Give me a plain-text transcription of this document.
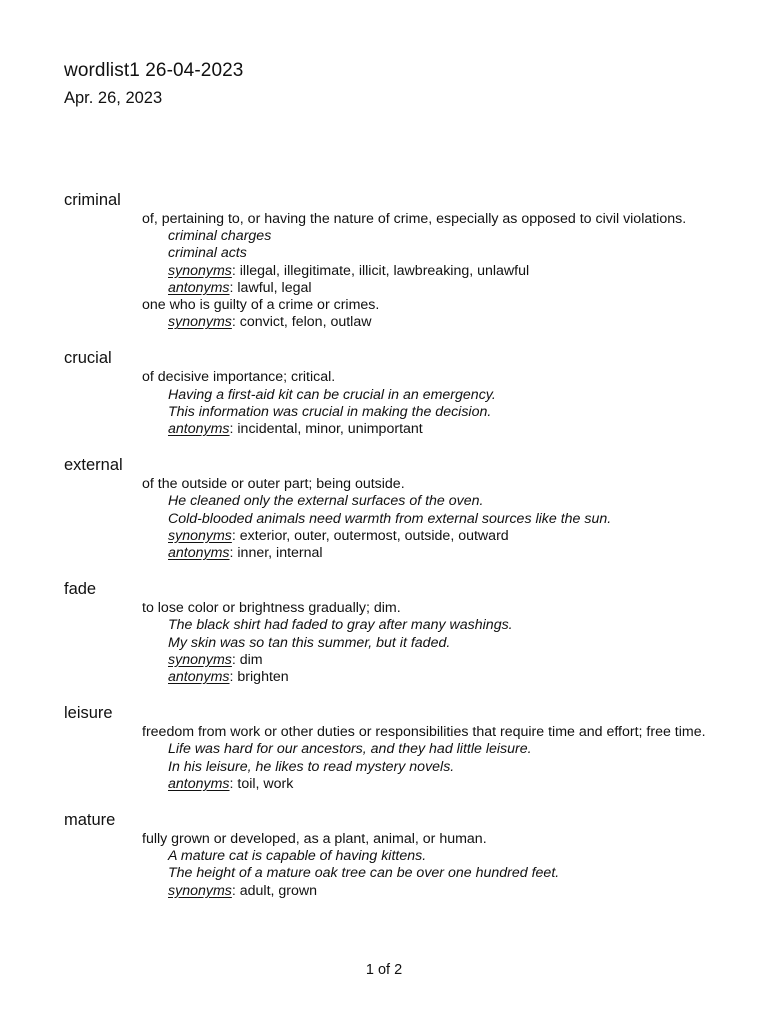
wordlist1 26-04-2023

Apr. 26, 2023

criminal

of, pertaining to, or having the nature of crime, especially as opposed to civil violations.

criminal charges

criminal acts

synonyms: illegal, illegitimate, illicit, lawbreaking, unlawful

antonyms: lawful, legal

one who is guilty of a crime or crimes.

synonyms: convict, felon, outlaw

crucial

of decisive importance; critical.

Having a first-aid kit can be crucial in an emergency.

This information was crucial in making the decision.

antonyms: incidental, minor, unimportant

external

of the outside or outer part; being outside.

He cleaned only the external surfaces of the oven.

Cold-blooded animals need warmth from external sources like the sun.

synonyms: exterior, outer, outermost, outside, outward

antonyms: inner, internal

fade

to lose color or brightness gradually; dim.

The black shirt had faded to gray after many washings.

My skin was so tan this summer, but it faded.

synonyms: dim

antonyms: brighten

leisure

freedom from work or other duties or responsibilities that require time and effort; free time.

Life was hard for our ancestors, and they had little leisure.

In his leisure, he likes to read mystery novels.

antonyms: toil, work

mature

fully grown or developed, as a plant, animal, or human.

A mature cat is capable of having kittens.

The height of a mature oak tree can be over one hundred feet.

synonyms: adult, grown

1 of 2
